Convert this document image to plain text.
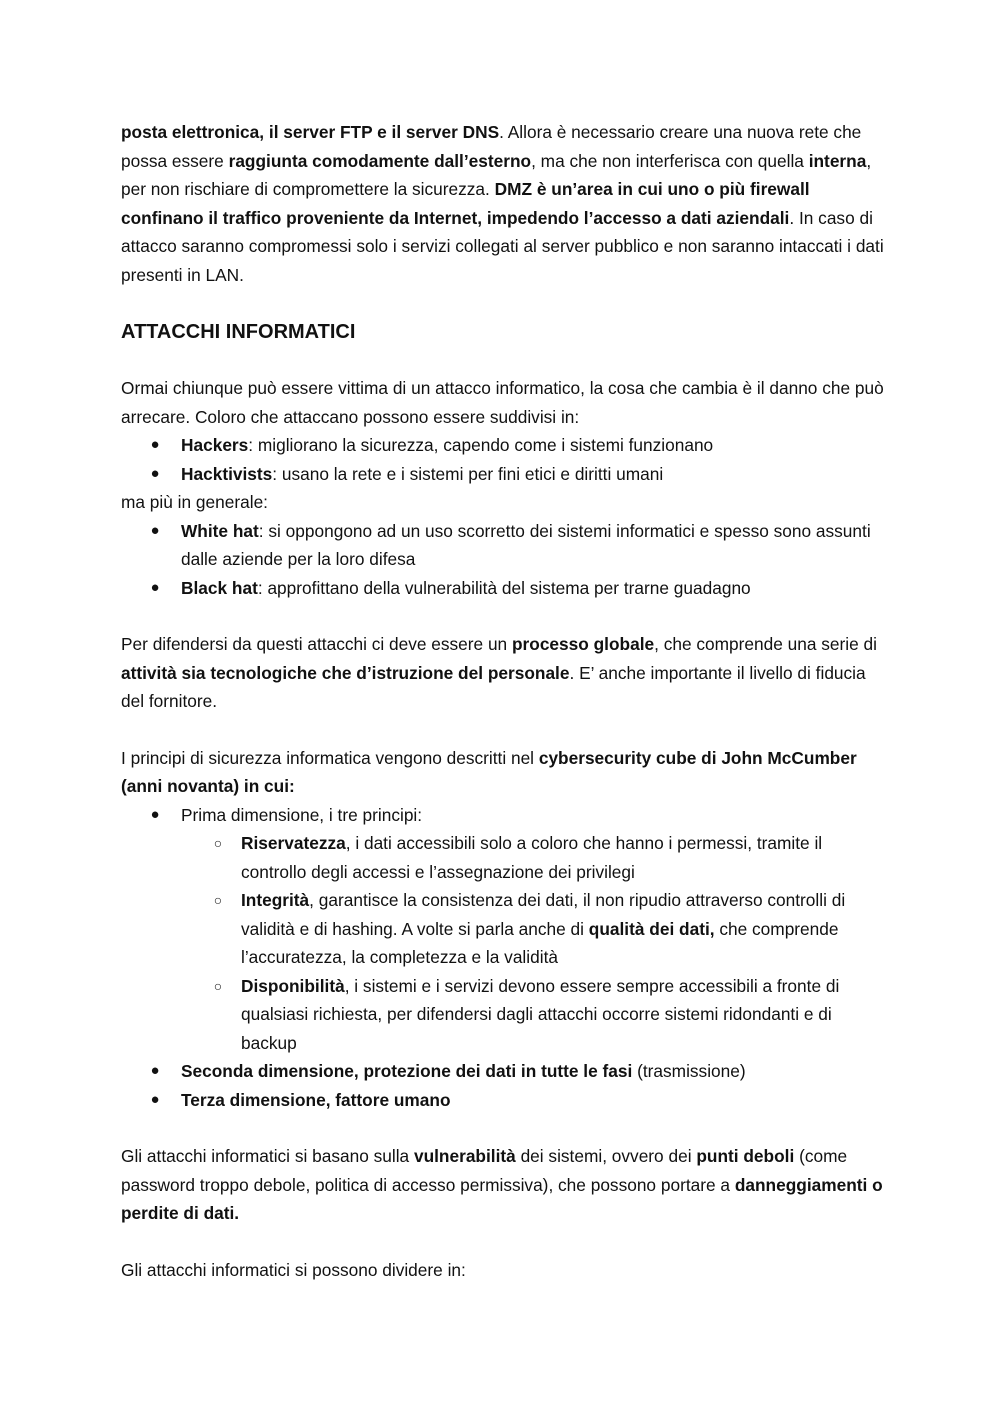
posta elettronica, il server FTP e il server DNS. Allora è necessario creare una nuova rete che possa essere raggiunta comodamente dall’esterno, ma che non interferisca con quella interna, per non rischiare di compromettere la sicurezza. DMZ è un’area in cui uno o più firewall confinano il traffico proveniente da Internet, impedendo l’accesso a dati aziendali. In caso di attacco saranno compromessi solo i servizi collegati al server pubblico e non saranno intaccati i dati presenti in LAN.

ATTACCHI INFORMATICI

Ormai chiunque può essere vittima di un attacco informatico, la cosa che cambia è il danno che può arrecare. Coloro che attaccano possono essere suddivisi in:

●	Hackers: migliorano la sicurezza, capendo come i sistemi funzionano
●	Hacktivists: usano la rete e i sistemi per fini etici e diritti umani

ma più in generale:

●	White hat: si oppongono ad un uso scorretto dei sistemi informatici e spesso sono assunti dalle aziende per la loro difesa
●	Black hat: approfittano della vulnerabilità del sistema per trarne guadagno

Per difendersi da questi attacchi ci deve essere un processo globale, che comprende una serie di attività sia tecnologiche che d’istruzione del personale. E’ anche importante il livello di fiducia del fornitore.

I principi di sicurezza informatica vengono descritti nel cybersecurity cube di John McCumber (anni novanta) in cui:

●	Prima dimensione, i tre principi:
○	Riservatezza, i dati accessibili solo a coloro che hanno i permessi, tramite il controllo degli accessi e l’assegnazione dei privilegi
○	Integrità, garantisce la consistenza dei dati, il non ripudio attraverso controlli di validità e di hashing. A volte si parla anche di qualità dei dati, che comprende l’accuratezza, la completezza e la validità
○	Disponibilità, i sistemi e i servizi devono essere sempre accessibili a fronte di qualsiasi richiesta, per difendersi dagli attacchi occorre sistemi ridondanti e di backup
●	Seconda dimensione, protezione dei dati in tutte le fasi (trasmissione)
●	Terza dimensione, fattore umano

Gli attacchi informatici si basano sulla vulnerabilità dei sistemi, ovvero dei punti deboli (come password troppo debole, politica di accesso permissiva), che possono portare a danneggiamenti o perdite di dati.

Gli attacchi informatici si possono dividere in:
